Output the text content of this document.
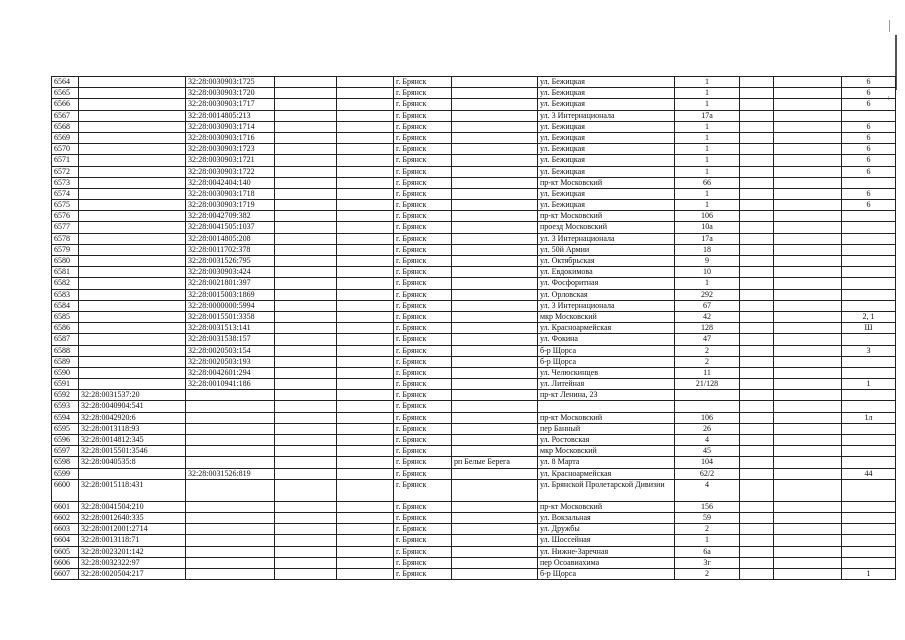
6564		32:28:0030903:1725			г. Брянск		ул. Бежицкая	1			6
6565		32:28:0030903:1720			г. Брянск		ул. Бежицкая	1			6
6566		32:28:0030903:1717			г. Брянск		ул. Бежицкая	1			6
6567		32:28:0014805:213			г. Брянск		ул. 3 Интернационала	17а			
6568		32:28:0030903:1714			г. Брянск		ул. Бежицкая	1			6
6569		32:28:0030903:1716			г. Брянск		ул. Бежицкая	1			6
6570		32:28:0030903:1723			г. Брянск		ул. Бежицкая	1			6
6571		32:28:0030903:1721			г. Брянск		ул. Бежицкая	1			6
6572		32:28:0030903:1722			г. Брянск		ул. Бежицкая	1			6
6573		32:28:0042404:140			г. Брянск		пр-кт Московский	66			
6574		32:28:0030903:1718			г. Брянск		ул. Бежицкая	1			6
6575		32:28:0030903:1719			г. Брянск		ул. Бежицкая	1			6
6576		32:28:0042709:382			г. Брянск		пр-кт Московский	106			
6577		32:28:0041505:1037			г. Брянск		проезд Московский	10а			
6578		32:28:0014805:208			г. Брянск		ул. 3 Интернационала	17а			
6579		32:28:0011702:378			г. Брянск		ул. 50й Армии	18			
6580		32:28:0031526:795			г. Брянск		ул. Октябрьская	9			
6581		32:28:0030903:424			г. Брянск		ул. Евдокимова	10			
6582		32:28:0021801:397			г. Брянск		ул. Фосфоритная	1			
6583		32:28:0015003:1869			г. Брянск		ул. Орловская	292			
6584		32:28:0000000:5994			г. Брянск		ул. 3 Интернационала	67			
6585		32:28:0015501:3358			г. Брянск		мкр Московский	42			2, 1
6586		32:28:0031513:141			г. Брянск		ул. Красноармейская	128			Ш
6587		32:28:0031538:157			г. Брянск		ул. Фокина	47			
6588		32:28:0020503:154			г. Брянск		б-р Щорса	2			3
6589		32:28:0020503:193			г. Брянск		б-р Щорса	2			
6590		32:28:0042601:294			г. Брянск		ул. Челюскинцев	11			
6591		32:28:0010941:186			г. Брянск		ул. Литейная	21/128			1
6592	32:28:0031537:20				г. Брянск		пр-кт Ленина, 23				
6593	32:28:0040904:541				г. Брянск						
6594	32:28:0042920:6				г. Брянск		пр-кт Московский	106			1л
6595	32:28:0013118:93				г. Брянск		пер Банный	26			
6596	32:28:0014812:345				г. Брянск		ул. Ростовская	4			
6597	32:28:0015501:3546				г. Брянск		мкр Московский	45			
6598	32:28:0040535:8				г. Брянск	рп Белые Берега	ул. 8 Марта	104			
6599		32:28:0031526:819			г. Брянск		ул. Красноармейская	62/2			44
6600	32:28:0015118:431				г. Брянск		ул. Брянской Пролетарской Дивизии	4			
6601	32:28:0041504:210				г. Брянск		пр-кт Московский	156			
6602	32:28:0012640:335				г. Брянск		ул. Вокзальная	59			
6603	32:28:0012001:2714				г. Брянск		ул. Дружбы	2			
6604	32:28:0013118:71				г. Брянск		ул. Шоссейная	1			
6605	32:28:0023201:142				г. Брянск		ул. Нижне-Заречная	6а			
6606	32:28:0032322:97				г. Брянск		пер Осоавиахима	3г			
6607	32:28:0020504:217				г. Брянск		б-р Щорса	2			1
